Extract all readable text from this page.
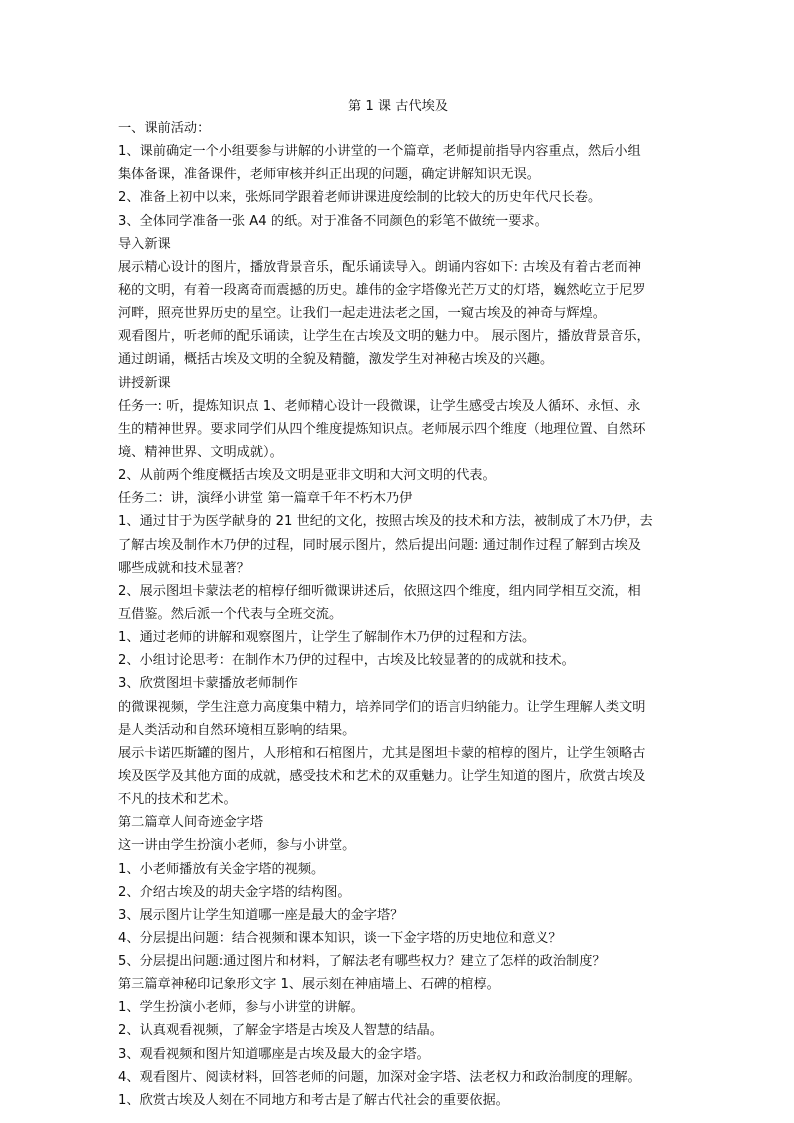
第 1 课 古代埃及

一、课前活动：

1、课前确定一个小组要参与讲解的小讲堂的一个篇章，老师提前指导内容重点，然后小组

集体备课，准备课件，老师审核并纠正出现的问题，确定讲解知识无误。

2、准备上初中以来，张烁同学跟着老师讲课进度绘制的比较大的历史年代尺长卷。

3、全体同学准备一张 A4 的纸。对于准备不同颜色的彩笔不做统一要求。

导入新课

展示精心设计的图片，播放背景音乐，配乐诵读导入。朗诵内容如下: 古埃及有着古老而神

秘的文明，有着一段离奇而震撼的历史。雄伟的金字塔像光芒万丈的灯塔，巍然屹立于尼罗

河畔，照亮世界历史的星空。让我们一起走进法老之国，一窥古埃及的神奇与辉煌。

观看图片，听老师的配乐诵读，让学生在古埃及文明的魅力中。 展示图片，播放背景音乐，

通过朗诵，概括古埃及文明的全貌及精髓，激发学生对神秘古埃及的兴趣。

讲授新课

任务一: 听，提炼知识点 1、老师精心设计一段微课，让学生感受古埃及人循环、永恒、永

生的精神世界。要求同学们从四个维度提炼知识点。老师展示四个维度（地理位置、自然环

境、精神世界、文明成就）。

2、从前两个维度概括古埃及文明是亚非文明和大河文明的代表。

任务二：讲，演绎小讲堂 第一篇章千年不朽木乃伊

1、通过甘于为医学献身的 21 世纪的文化，按照古埃及的技术和方法，被制成了木乃伊，去

了解古埃及制作木乃伊的过程，同时展示图片，然后提出问题: 通过制作过程了解到古埃及

哪些成就和技术显著？

2、展示图坦卡蒙法老的棺椁仔细听微课讲述后，依照这四个维度，组内同学相互交流，相

互借鉴。然后派一个代表与全班交流。

1、通过老师的讲解和观察图片，让学生了解制作木乃伊的过程和方法。

2、小组讨论思考：在制作木乃伊的过程中，古埃及比较显著的的成就和技术。

3、欣赏图坦卡蒙播放老师制作

的微课视频，学生注意力高度集中精力，培养同学们的语言归纳能力。让学生理解人类文明

是人类活动和自然环境相互影响的结果。

展示卡诺匹斯罐的图片，人形棺和石棺图片，尤其是图坦卡蒙的棺椁的图片，让学生领略古

埃及医学及其他方面的成就，感受技术和艺术的双重魅力。让学生知道的图片，欣赏古埃及

不凡的技术和艺术。

第二篇章人间奇迹金字塔

这一讲由学生扮演小老师，参与小讲堂。

1、小老师播放有关金字塔的视频。

2、介绍古埃及的胡夫金字塔的结构图。

3、展示图片让学生知道哪一座是最大的金字塔？

4、分层提出问题：结合视频和课本知识，谈一下金字塔的历史地位和意义？

5、分层提出问题:通过图片和材料，了解法老有哪些权力？建立了怎样的政治制度？

第三篇章神秘印记象形文字 1、展示刻在神庙墙上、石碑的棺椁。

1、学生扮演小老师，参与小讲堂的讲解。

2、认真观看视频，了解金字塔是古埃及人智慧的结晶。

3、观看视频和图片知道哪座是古埃及最大的金字塔。

4、观看图片、阅读材料，回答老师的问题，加深对金字塔、法老权力和政治制度的理解。

1、欣赏古埃及人刻在不同地方和考古是了解古代社会的重要依据。
